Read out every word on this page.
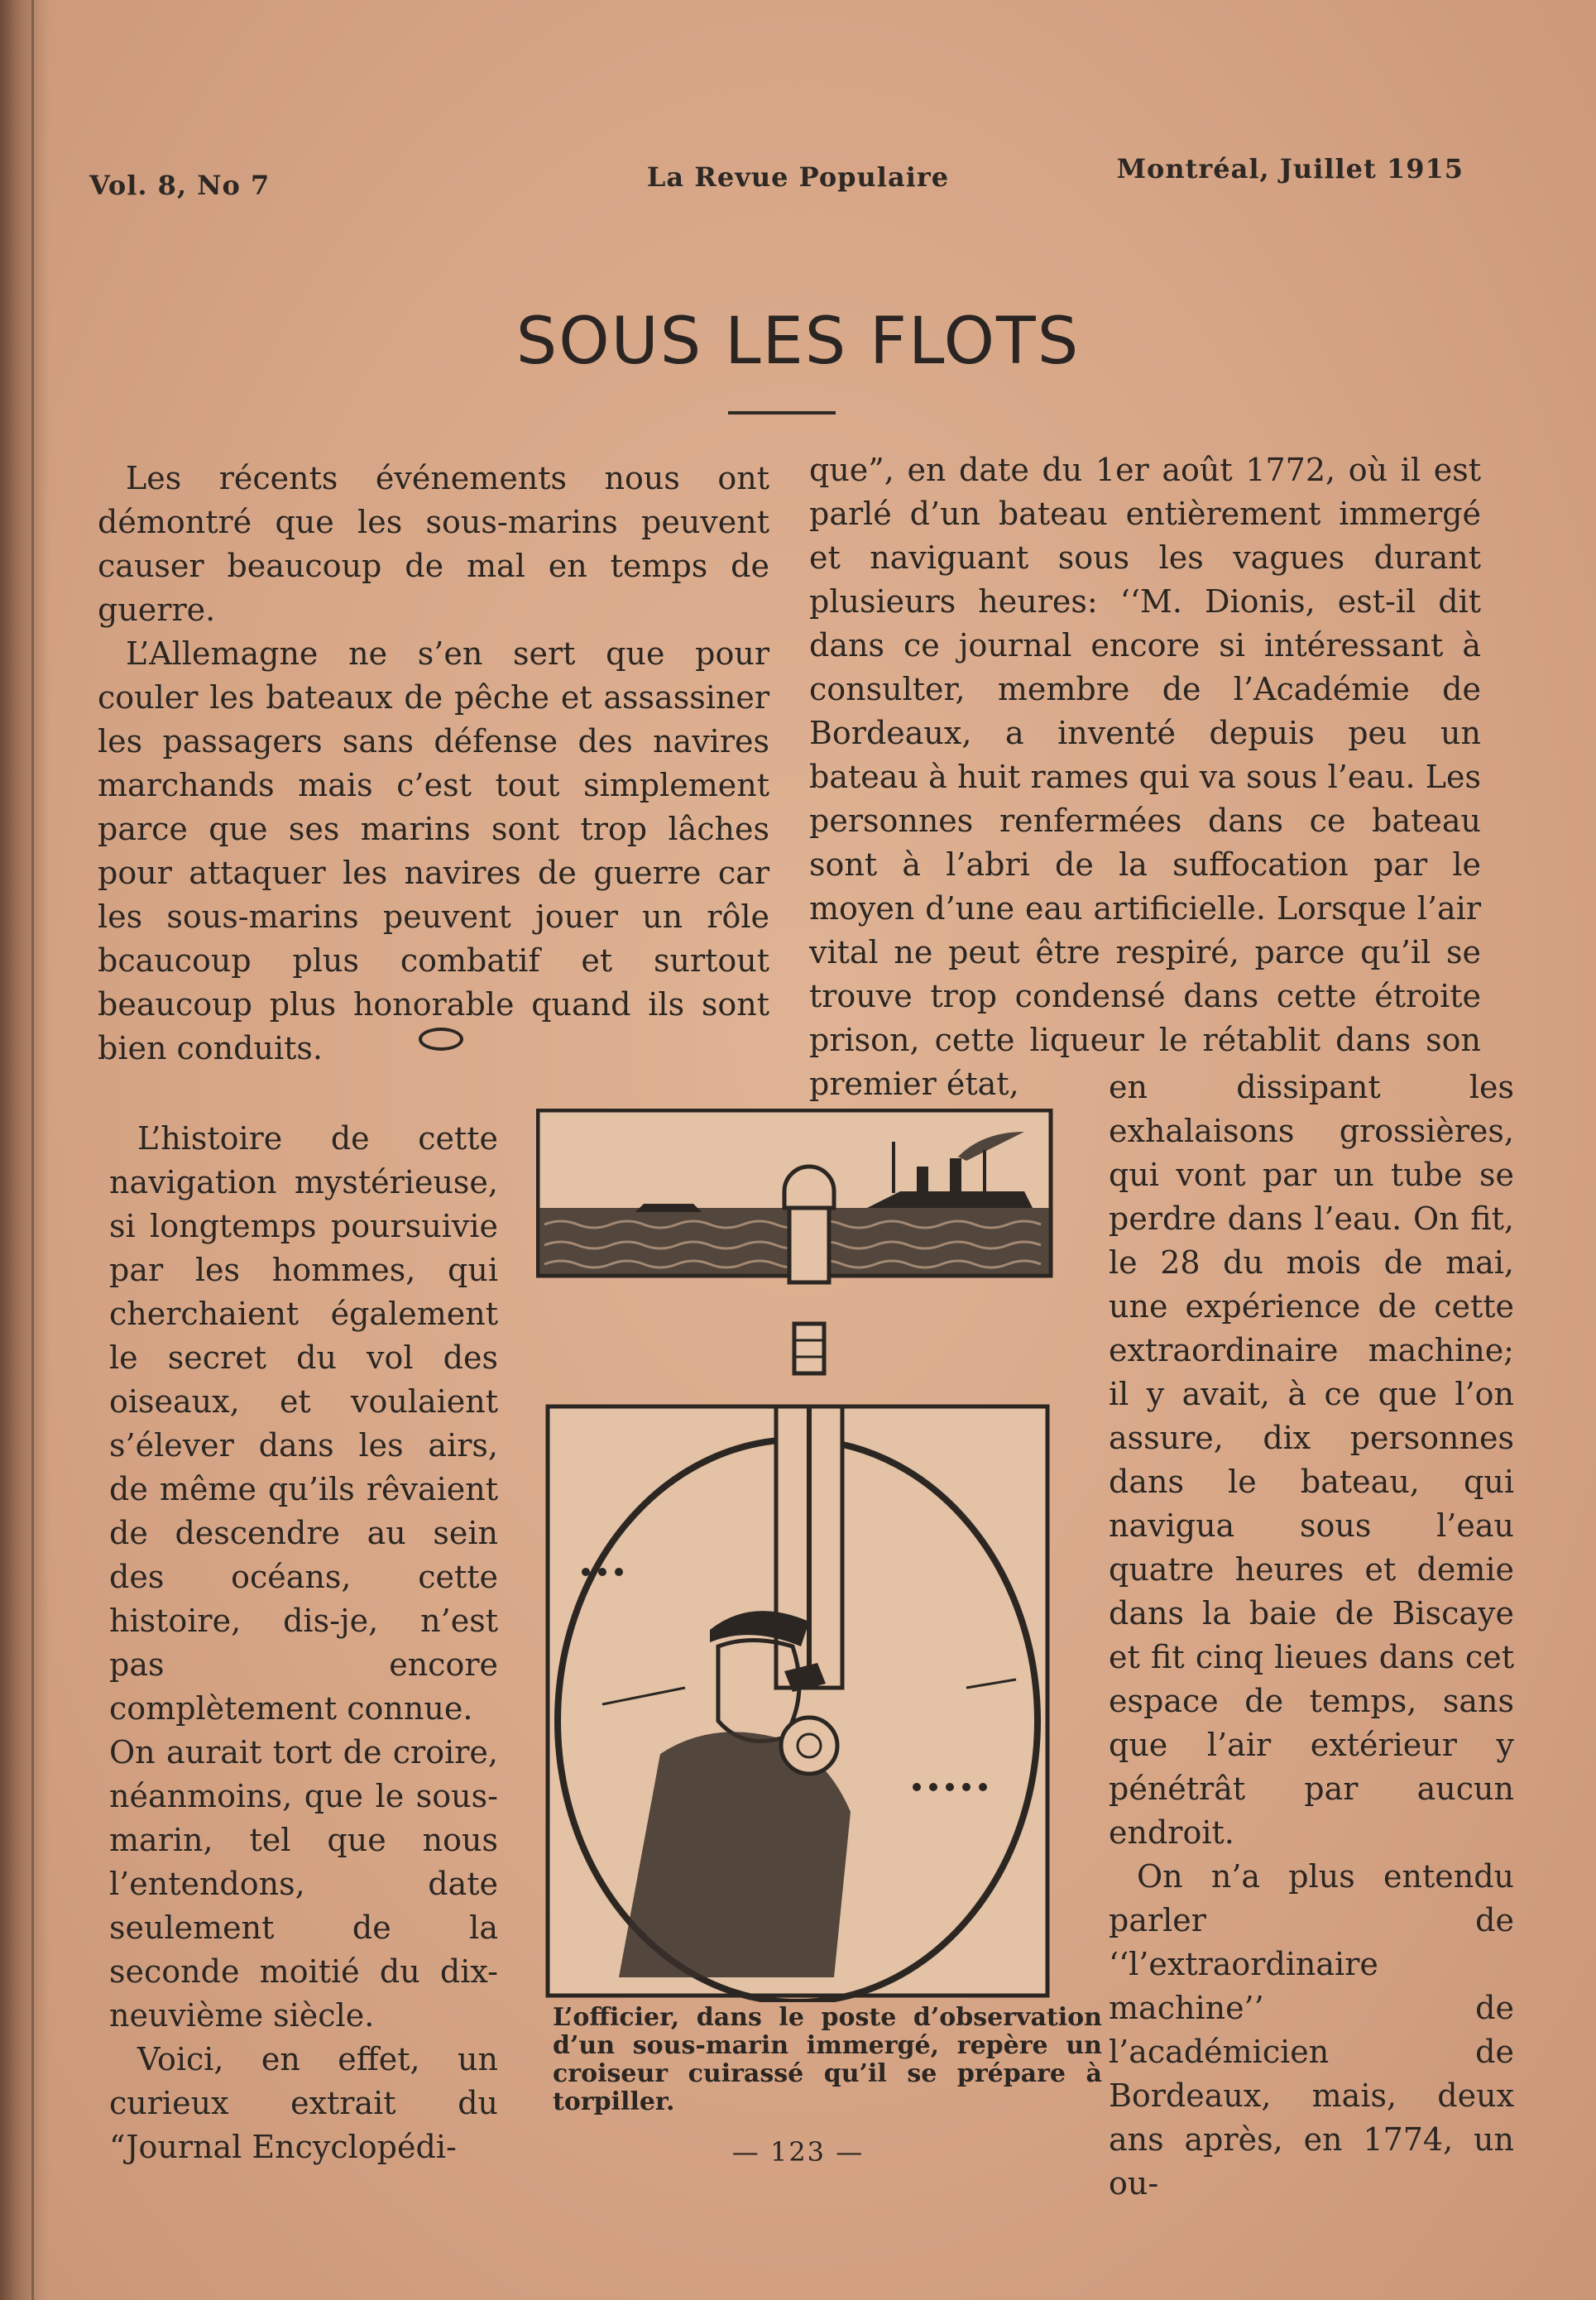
Vol. 8, No 7	La Revue Populaire	Montréal, Juillet 1915
SOUS LES FLOTS

Les récents événements nous ont démontré que les sous-marins peuvent causer beaucoup de mal en temps de guerre.

L’Allemagne ne s’en sert que pour couler les bateaux de pêche et assassiner les passagers sans défense des navires marchands mais c’est tout simplement parce que ses marins sont trop lâches pour attaquer les navires de guerre car les sous-marins peuvent jouer un rôle bcaucoup plus combatif et surtout beaucoup plus honorable quand ils sont bien conduits.

L’histoire de cette navigation mystérieuse, si longtemps poursuivie par les hommes, qui cherchaient également le secret du vol des oiseaux, et voulaient s’élever dans les airs, de même qu’ils rêvaient de descendre au sein des océans, cette histoire, dis-je, n’est pas encore complètement connue.

On aurait tort de croire, néanmoins, que le sous-marin, tel que nous l’entendons, date seulement de la seconde moitié du dix-neuvième siècle.

Voici, en effet, un curieux extrait du “Journal Encyclopédi-

que”, en date du 1er août 1772, où il est parlé d’un bateau entièrement immergé et naviguant sous les vagues durant plusieurs heures: ‘‘M. Dionis, est-il dit dans ce journal encore si intéressant à consulter, membre de l’Académie de Bordeaux, a inventé depuis peu un bateau à huit rames qui va sous l’eau. Les personnes renfermées dans ce bateau sont à l’abri de la suffocation par le moyen d’une eau artificielle. Lorsque l’air vital ne peut être respiré, parce qu’il se trouve trop condensé dans cette étroite prison, cette liqueur le rétablit dans son premier état,	en dissipant les exhalaisons grossières, qui vont par un tube se perdre dans l’eau. On fit, le 28 du mois de mai, une expérience de cette extraordinaire machine; il y avait, à ce que l’on assure, dix personnes dans le bateau, qui navigua sous l’eau quatre heures et demie dans la baie de Biscaye et fit cinq lieues dans cet espace de temps, sans que l’air extérieur y pénétrât par aucun endroit.

On n’a plus entendu parler de ‘‘l’extraordinaire machine’’ de l’académicien de Bordeaux, mais, deux ans après, en 1774, un ou-

L’officier, dans le poste d’observation d’un sous-marin immergé, repère un croiseur cuirassé qu’il se prépare à torpiller.
— 123 —
